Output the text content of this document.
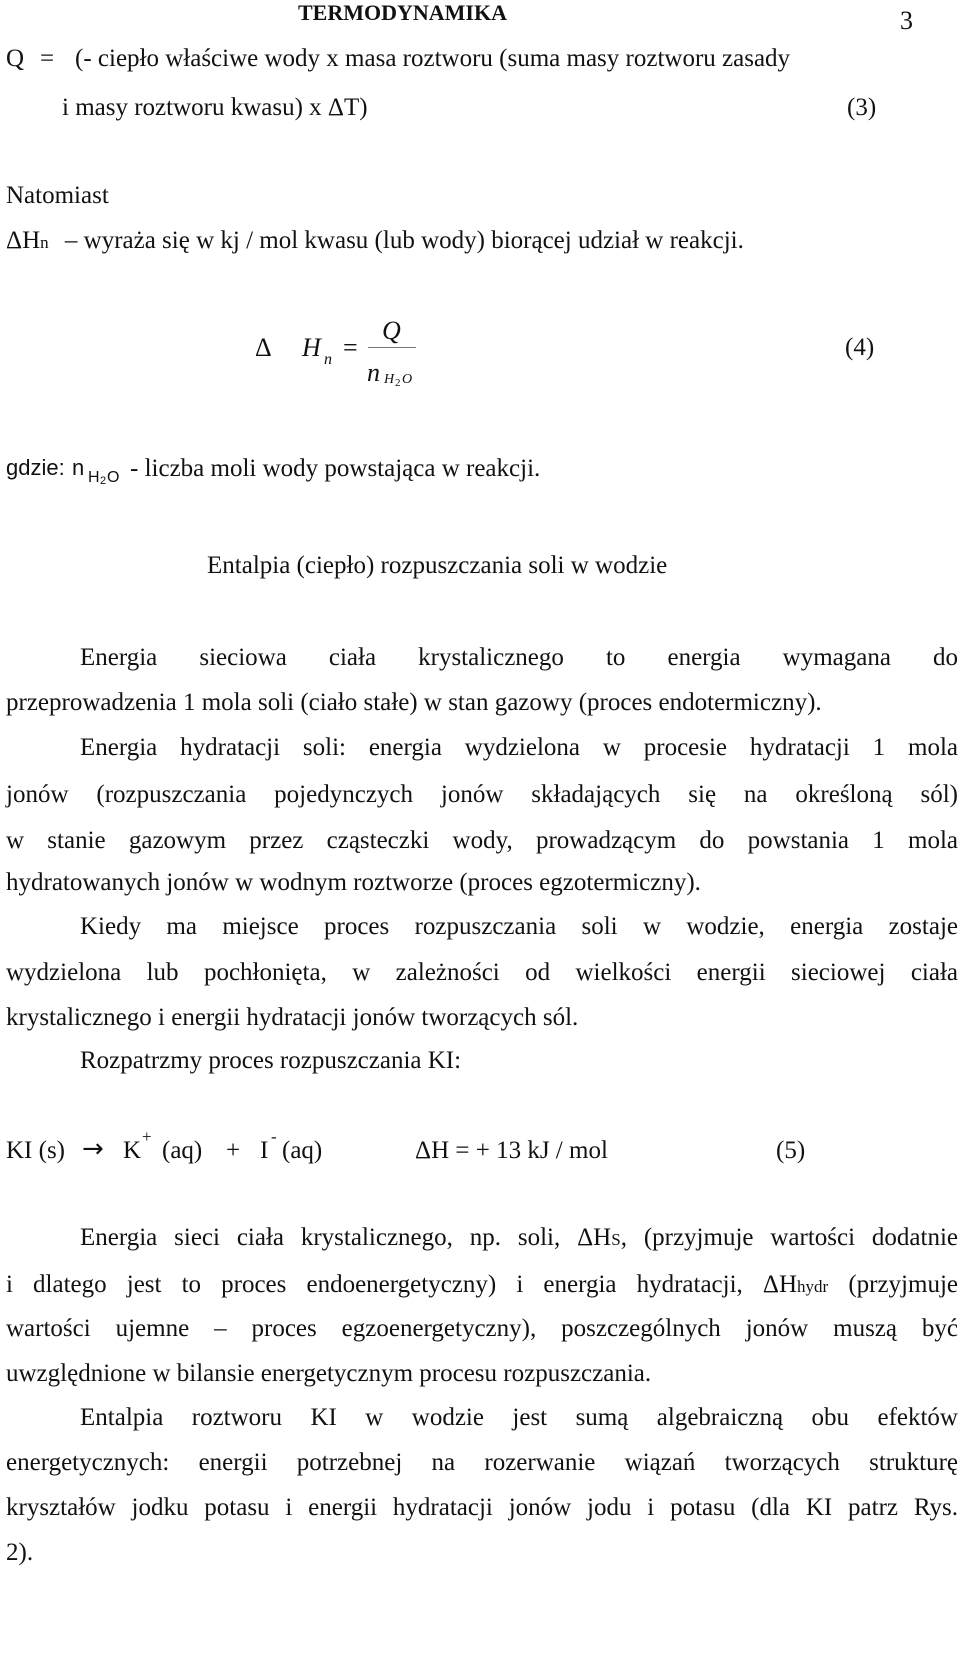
TERMODYNAMIKA	3
Q = (- ciepło właściwe wody x masa roztworu (suma masy roztworu zasady
i masy roztworu kwasu) x ΔT)	(3)
Natomiast
ΔHn – wyraża się w kj / mol kwasu (lub wody) biorącej udział w reakcji.
Δ H n =
Q
n H 2 O
(4)
gdzie: n H 2 O - liczba moli wody powstająca w reakcji.
Entalpia (ciepło) rozpuszczania soli w wodzie
Energia sieciowa ciała krystalicznego to energia wymagana do
przeprowadzenia 1 mola soli (ciało stałe) w stan gazowy (proces endotermiczny).
Energia hydratacji soli: energia wydzielona w procesie hydratacji 1 mola
jonów (rozpuszczania pojedynczych jonów składających się na określoną sól)
w stanie gazowym przez cząsteczki wody, prowadzącym do powstania 1 mola
hydratowanych jonów w wodnym roztworze (proces egzotermiczny).
Kiedy ma miejsce proces rozpuszczania soli w wodzie, energia zostaje
wydzielona lub pochłonięta, w zależności od wielkości energii sieciowej ciała
krystalicznego i energii hydratacji jonów tworzących sól.
Rozpatrzmy proces rozpuszczania KI:
KI (s) → K
+
(aq) + I
-
(aq)	ΔH = + 13 kJ / mol	(5)
Energia sieci ciała krystalicznego, np. soli, ΔHS, (przyjmuje wartości dodatnie
i dlatego jest to proces endoenergetyczny) i energia hydratacji, ΔHhydr (przyjmuje
wartości ujemne – proces egzoenergetyczny), poszczególnych jonów muszą być
uwzględnione w bilansie energetycznym procesu rozpuszczania.
Entalpia roztworu KI w wodzie jest sumą algebraiczną obu efektów
energetycznych: energii potrzebnej na rozerwanie wiązań tworzących strukturę
kryształów jodku potasu i energii hydratacji jonów jodu i potasu (dla KI patrz Rys.
2).
